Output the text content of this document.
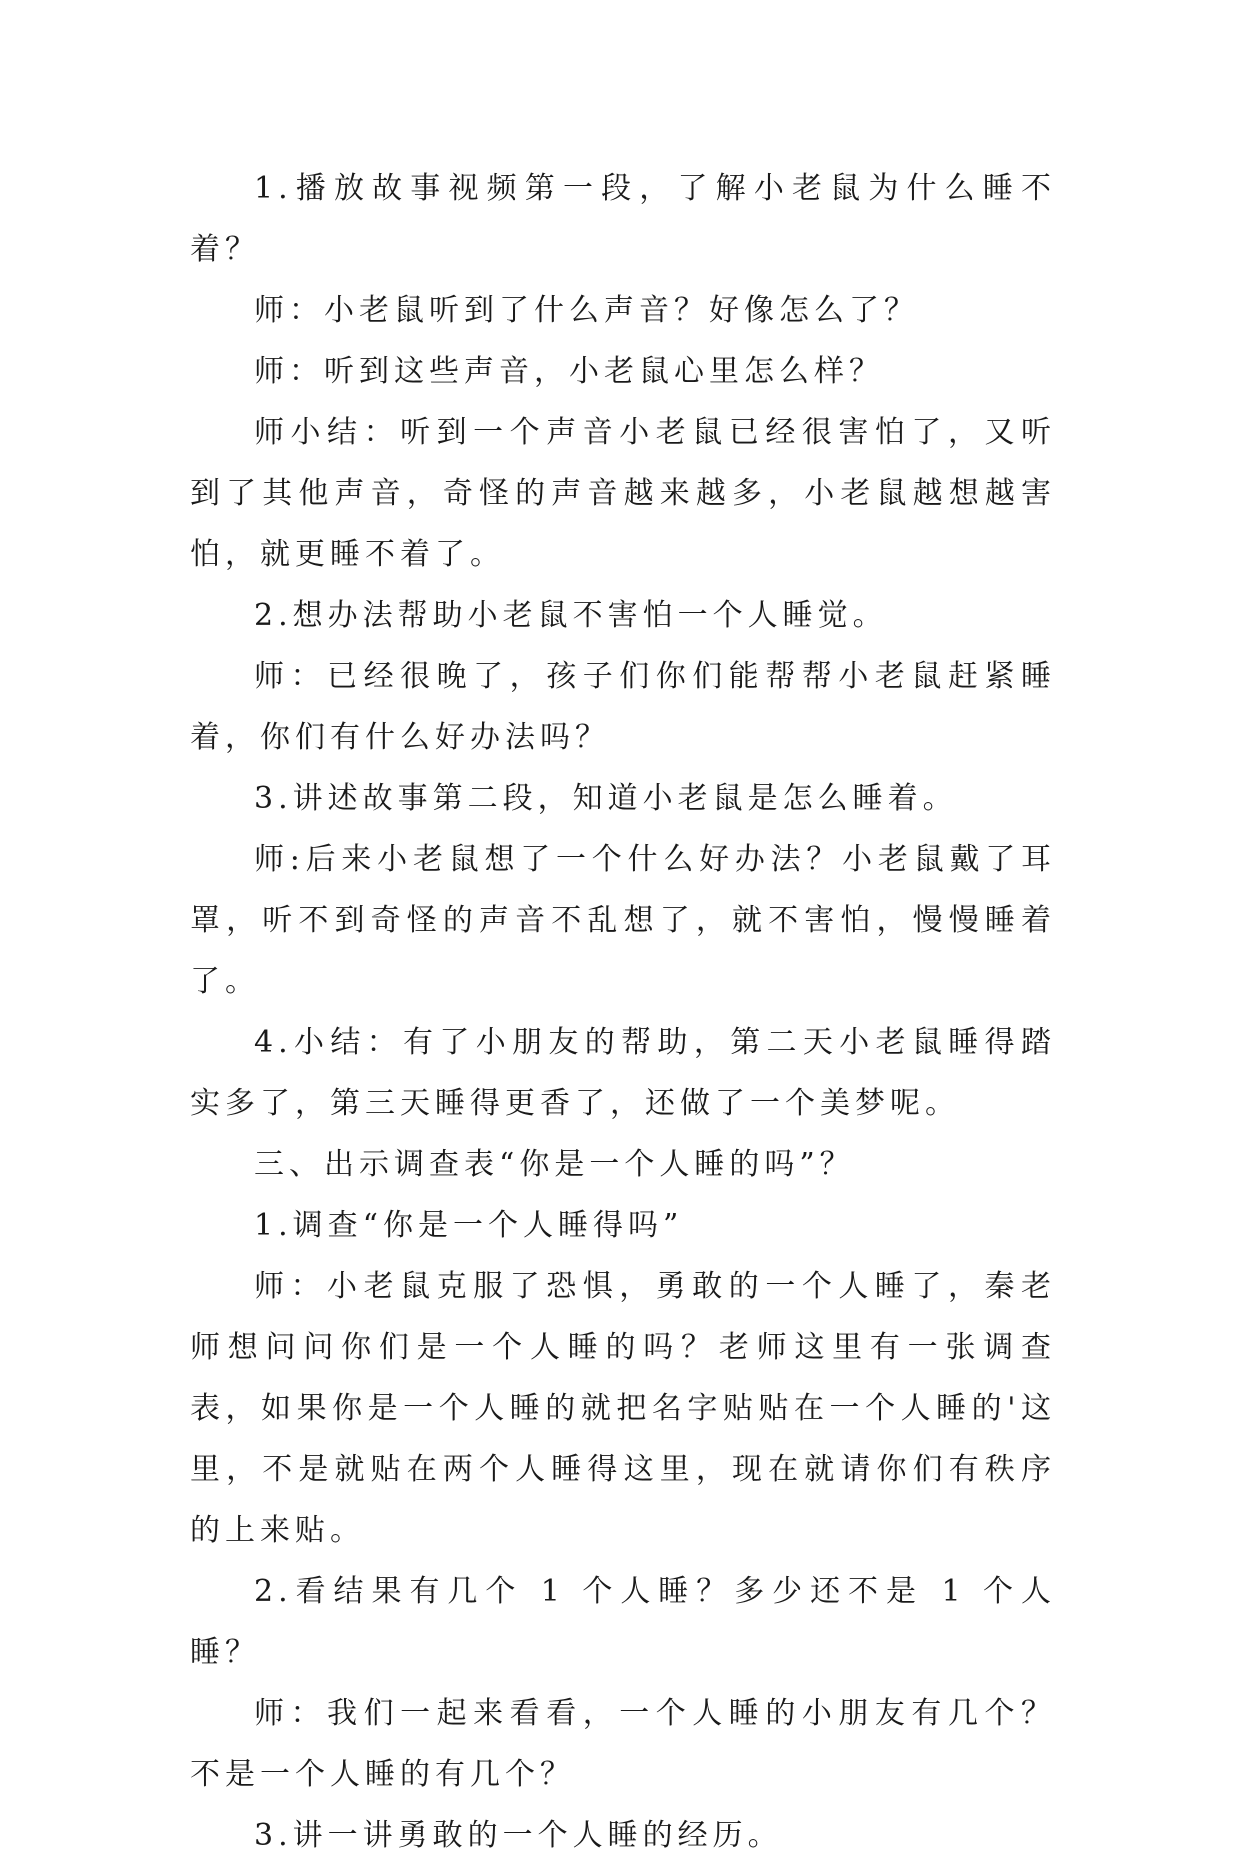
1.播放故事视频第一段，了解小老鼠为什么睡不着？

师：小老鼠听到了什么声音？好像怎么了？

师：听到这些声音，小老鼠心里怎么样？

师小结：听到一个声音小老鼠已经很害怕了，又听到了其他声音，奇怪的声音越来越多，小老鼠越想越害怕，就更睡不着了。

2.想办法帮助小老鼠不害怕一个人睡觉。

师：已经很晚了，孩子们你们能帮帮小老鼠赶紧睡着，你们有什么好办法吗？

3.讲述故事第二段，知道小老鼠是怎么睡着。

师:后来小老鼠想了一个什么好办法？小老鼠戴了耳罩，听不到奇怪的声音不乱想了，就不害怕，慢慢睡着了。

4.小结：有了小朋友的帮助，第二天小老鼠睡得踏实多了，第三天睡得更香了，还做了一个美梦呢。

三、出示调查表“你是一个人睡的吗”？

1.调查“你是一个人睡得吗”

师：小老鼠克服了恐惧，勇敢的一个人睡了，秦老师想问问你们是一个人睡的吗？老师这里有一张调查表，如果你是一个人睡的就把名字贴贴在一个人睡的'这里，不是就贴在两个人睡得这里，现在就请你们有秩序的上来贴。

2.看结果有几个 1 个人睡？多少还不是 1 个人睡？

师：我们一起来看看，一个人睡的小朋友有几个？不是一个人睡的有几个？

3.讲一讲勇敢的一个人睡的经历。
